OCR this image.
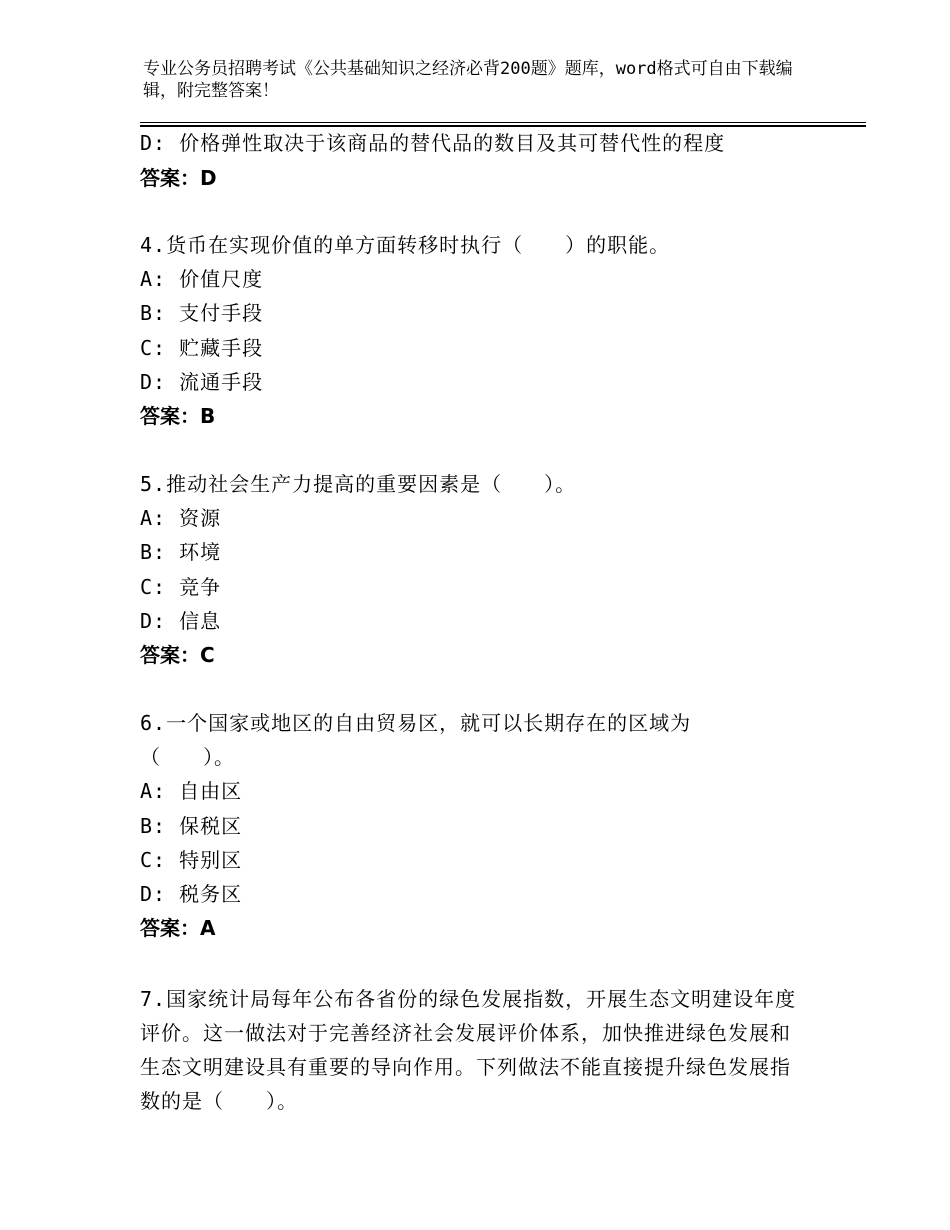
专业公务员招聘考试《公共基础知识之经济必背200题》题库，word格式可自由下载编辑，附完整答案！
D: 价格弹性取决于该商品的替代品的数目及其可替代性的程度
答案：D
4.货币在实现价值的单方面转移时执行（　　）的职能。
A: 价值尺度
B: 支付手段
C: 贮藏手段
D: 流通手段
答案：B
5.推动社会生产力提高的重要因素是（　　）。
A: 资源
B: 环境
C: 竞争
D: 信息
答案：C
6.一个国家或地区的自由贸易区，就可以长期存在的区域为
（　　）。
A: 自由区
B: 保税区
C: 特别区
D: 税务区
答案：A
7.国家统计局每年公布各省份的绿色发展指数，开展生态文明建设年度评价。这一做法对于完善经济社会发展评价体系，加快推进绿色发展和生态文明建设具有重要的导向作用。下列做法不能直接提升绿色发展指数的是（　　）。
